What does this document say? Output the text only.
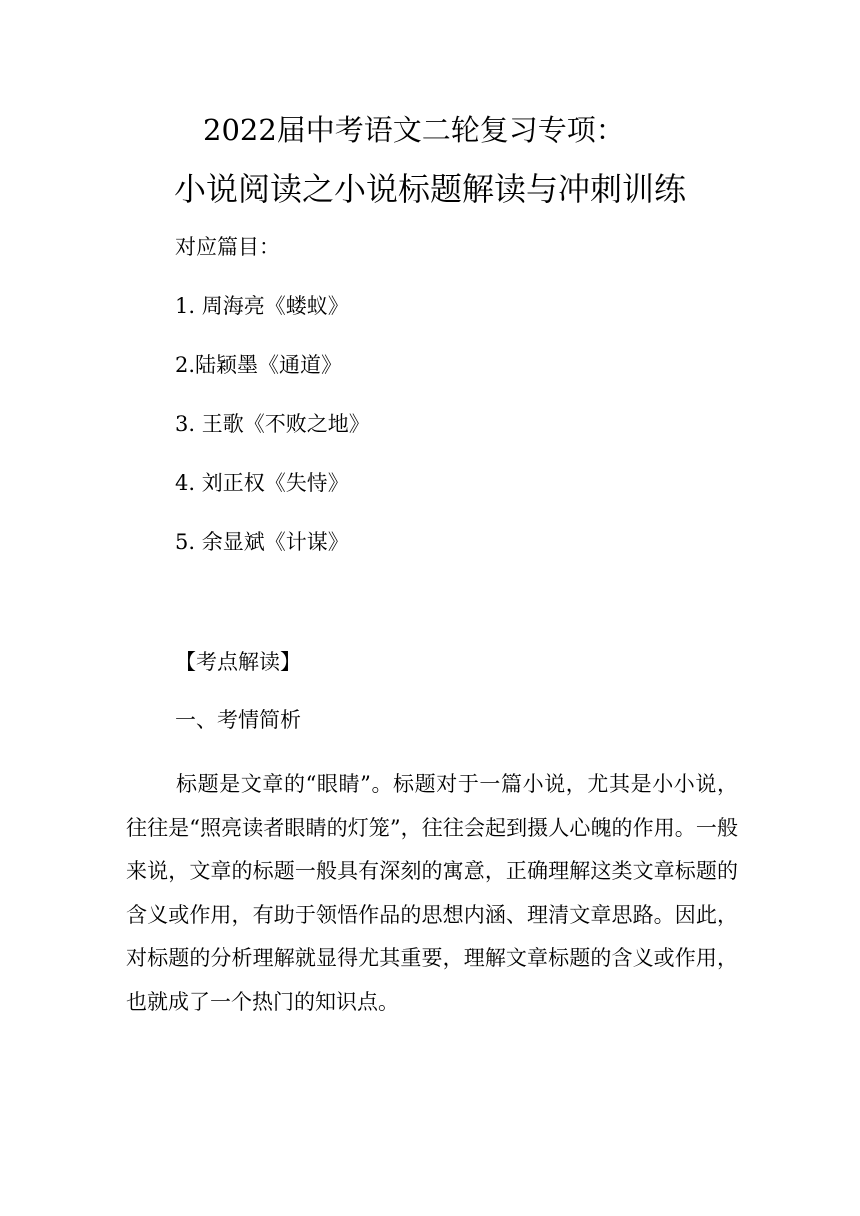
2022届中考语文二轮复习专项：
小说阅读之小说标题解读与冲刺训练
对应篇目：
1. 周海亮《蝼蚁》
2.陆颖墨《通道》
3. 王歌《不败之地》
4. 刘正权《失恃》
5. 余显斌《计谋》
【考点解读】
一、考情简析
标题是文章的“眼睛”。标题对于一篇小说，尤其是小小说，往往是“照亮读者眼睛的灯笼”，往往会起到摄人心魄的作用。一般来说，文章的标题一般具有深刻的寓意，正确理解这类文章标题的含义或作用，有助于领悟作品的思想内涵、理清文章思路。因此，对标题的分析理解就显得尤其重要，理解文章标题的含义或作用，也就成了一个热门的知识点。
